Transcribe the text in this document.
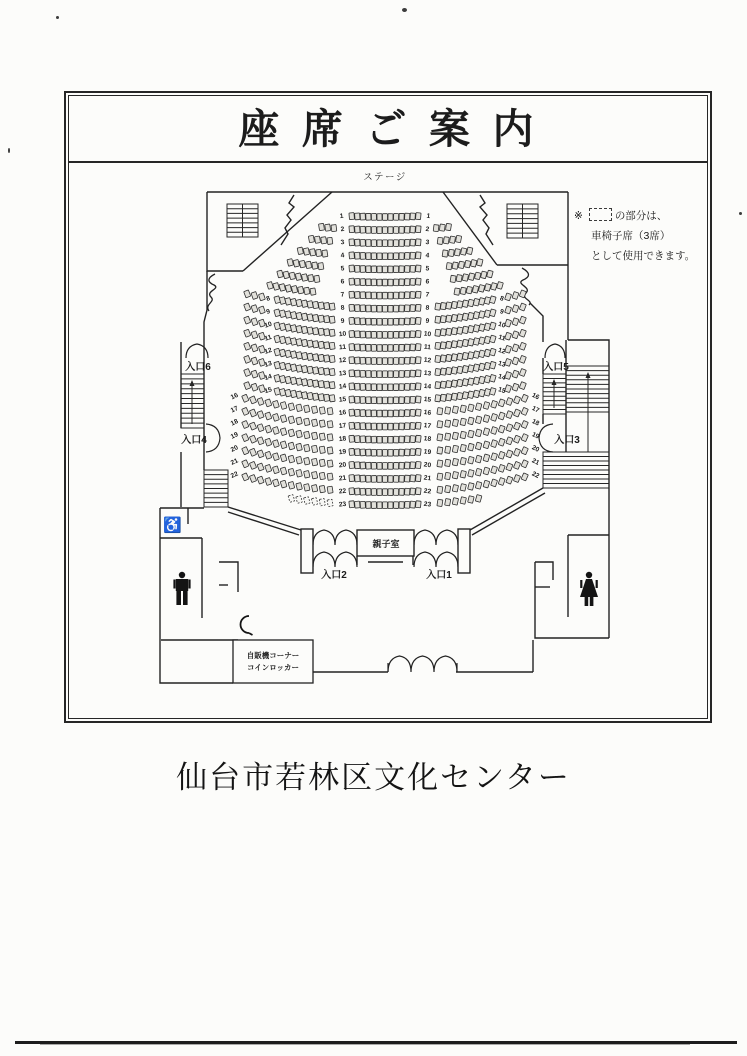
座席ご案内
ステージ
親子室
自販機コーナー
コインロッカー
入口1
入口2
入口3
入口4
入口5
入口6
♿
1	1
2	2
3	3
4	4
5	5
6	6
7	7
8
8	8
8
9
9	9
9
10
10	10
10
11
11	11
11
12
12	12
12
13
13	13
13
14
14	14
14
15
15	15
15
16
16	16
16
17
17	17
17
18
18	18
18
19
19	19
19
20
20	20
20
21
21	21
21
22
22	22
22
23	23
※	の部分は、
車椅子席（3席）
として使用できます。
仙台市若林区文化センター
